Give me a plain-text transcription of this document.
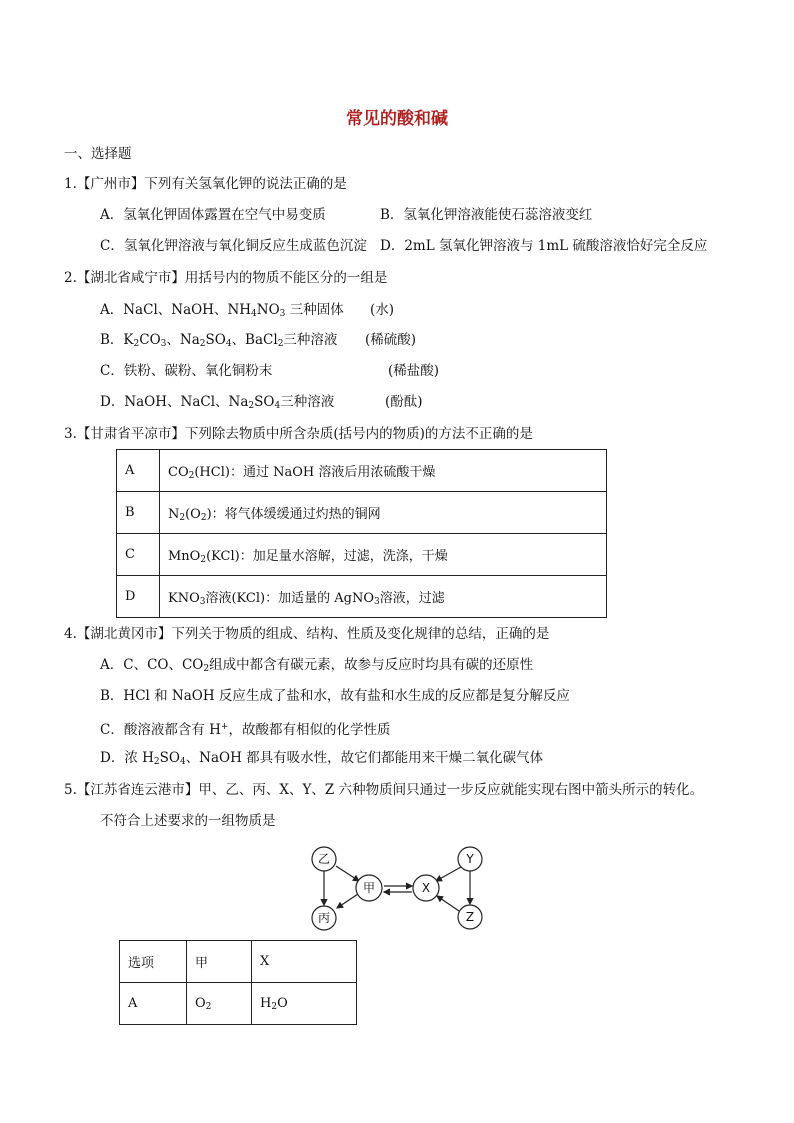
常见的酸和碱
一、选择题
1.【广州市】下列有关氢氧化钾的说法正确的是
A．氢氧化钾固体露置在空气中易变质	B．氢氧化钾溶液能使石蕊溶液变红
C．氢氧化钾溶液与氧化铜反应生成蓝色沉淀 D．2mL 氢氧化钾溶液与 1mL 硫酸溶液恰好完全反应
2.【湖北省咸宁市】用括号内的物质不能区分的一组是
A．NaCl、NaOH、$NH_4NO_3$ 三种固体 (水)
B．$K_2CO_3$、$Na_2SO_4$、BaCl$_2$三种溶液 (稀硫酸)
C．铁粉、碳粉、氧化铜粉末	(稀盐酸)
D．NaOH、NaCl、$Na_2SO_4$三种溶液	(酚酞)
3.【甘肃省平凉市】下列除去物质中所含杂质(括号内的物质)的方法不正确的是
A	$CO_2(HCl)$：通过 NaOH 溶液后用浓硫酸干燥
B	$N_2(O_2)$：将气体缓缓通过灼热的铜网
C	MnO$_2$(KCl)：加足量水溶解，过滤，洗涤，干燥
D	$KNO_3$溶液(KCl)：加适量的 AgNO$_3$溶液，过滤
4.【湖北黄冈市】下列关于物质的组成、结构、性质及变化规律的总结，正确的是
A．C、CO、$CO_2$组成中都含有碳元素，故参与反应时均具有碳的还原性
B．HCl 和 NaOH 反应生成了盐和水，故有盐和水生成的反应都是复分解反应
C．酸溶液都含有 H+，故酸都有相似的化学性质
D．浓 $H_2SO_4$、NaOH 都具有吸水性，故它们都能用来干燥二氧化碳气体
5.【江苏省连云港市】甲、乙、丙、X、Y、Z 六种物质间只通过一步反应就能实现右图中箭头所示的转化。
不符合上述要求的一组物质是
乙
甲
丙
X
Y
Z
选项	甲	X
A	$O_2$	$H_2O$
